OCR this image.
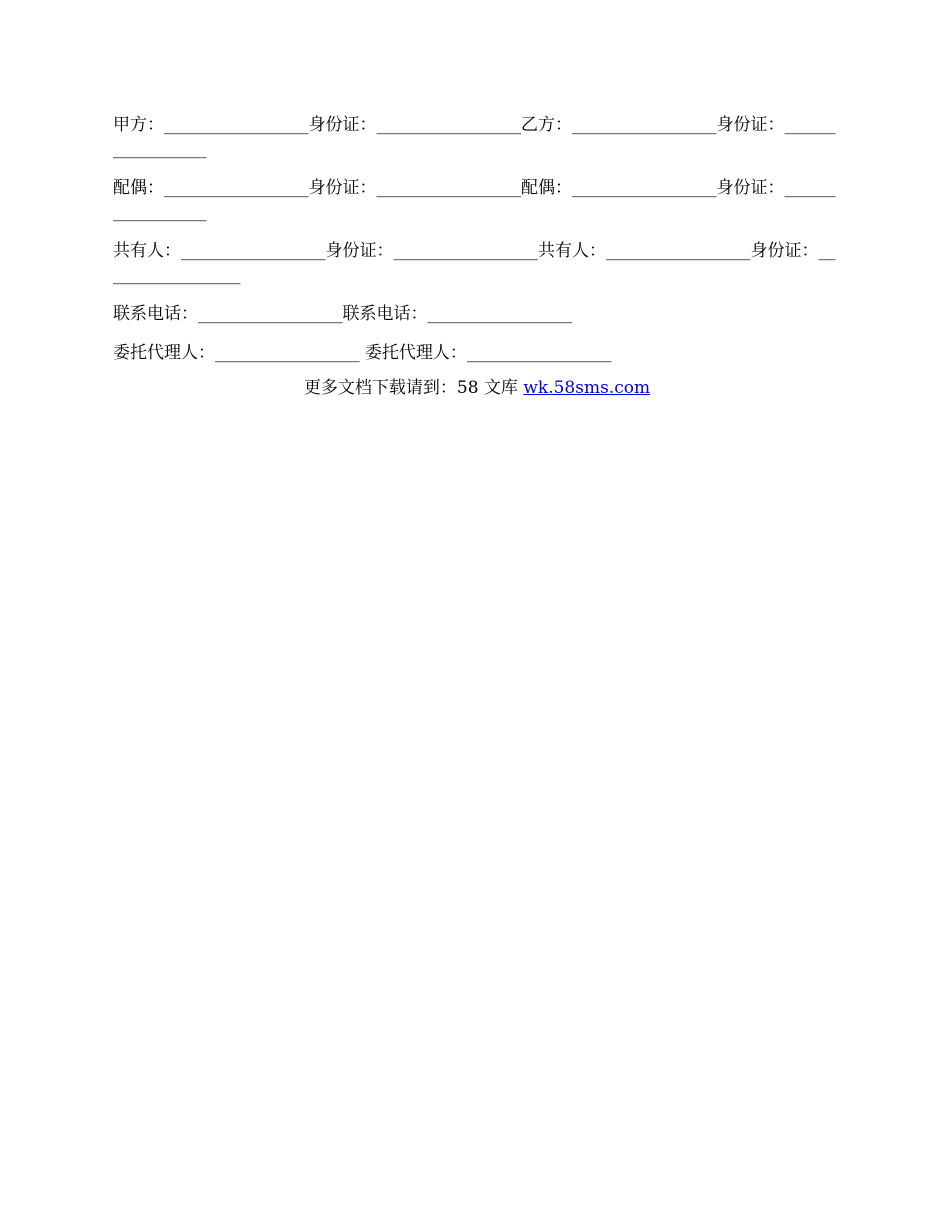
甲方：_________________身份证：_________________乙方：_________________身份证：_________________

配偶：_________________身份证：_________________配偶：_________________身份证：_________________

共有人：_________________身份证：_________________共有人：_________________身份证：_________________

联系电话：_________________联系电话：_________________

委托代理人：_________________ 委托代理人：_________________

更多文档下载请到：58 文库 wk.58sms.com
